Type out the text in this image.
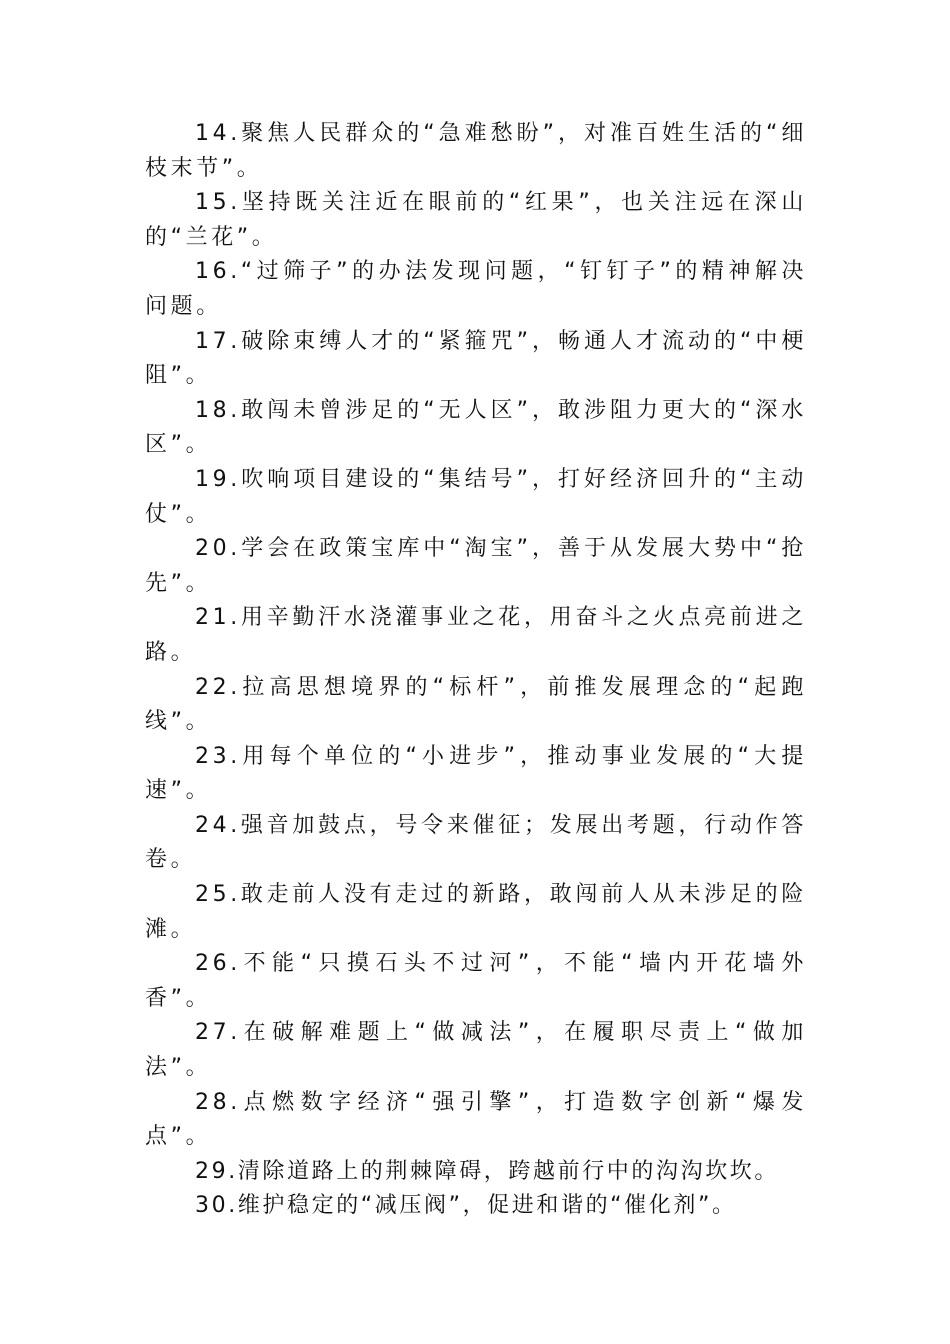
14.聚焦人民群众的“急难愁盼”，对准百姓生活的“细枝末节”。

15.坚持既关注近在眼前的“红果”，也关注远在深山的“兰花”。

16.“过筛子”的办法发现问题，“钉钉子”的精神解决问题。

17.破除束缚人才的“紧箍咒”，畅通人才流动的“中梗阻”。

18.敢闯未曾涉足的“无人区”，敢涉阻力更大的“深水区”。

19.吹响项目建设的“集结号”，打好经济回升的“主动仗”。

20.学会在政策宝库中“淘宝”，善于从发展大势中“抢先”。

21.用辛勤汗水浇灌事业之花，用奋斗之火点亮前进之路。

22.拉高思想境界的“标杆”，前推发展理念的“起跑线”。

23.用每个单位的“小进步”，推动事业发展的“大提速”。

24.强音加鼓点，号令来催征；发展出考题，行动作答卷。

25.敢走前人没有走过的新路，敢闯前人从未涉足的险滩。

26.不能“只摸石头不过河”，不能“墙内开花墙外香”。

27.在破解难题上“做减法”，在履职尽责上“做加法”。

28.点燃数字经济“强引擎”，打造数字创新“爆发点”。

29.清除道路上的荆棘障碍，跨越前行中的沟沟坎坎。

30.维护稳定的“减压阀”，促进和谐的“催化剂”。
